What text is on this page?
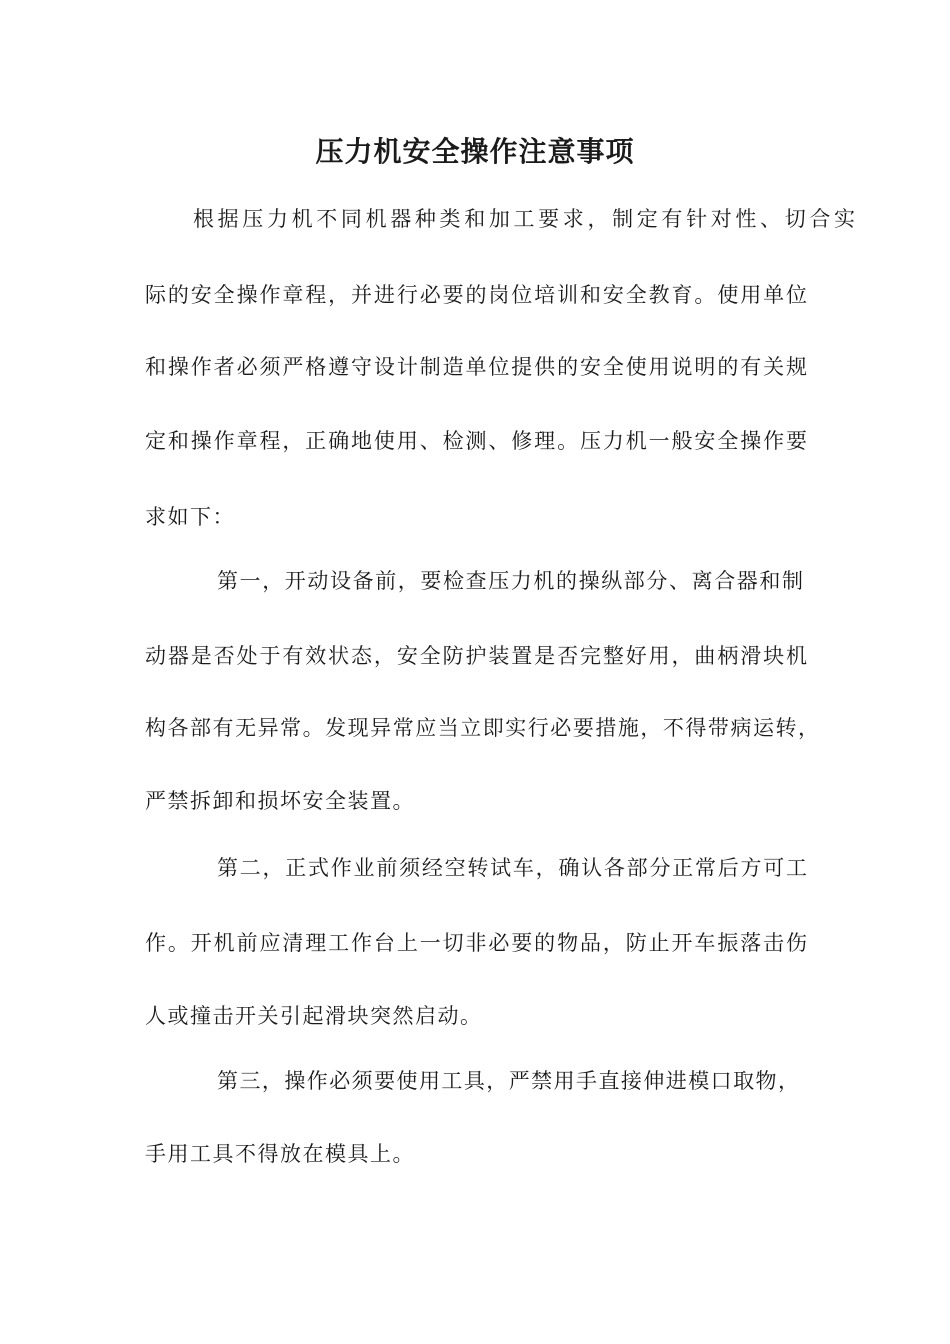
压力机安全操作注意事项
根据压力机不同机器种类和加工要求，制定有针对性、切合实
际的安全操作章程，并进行必要的岗位培训和安全教育。使用单位
和操作者必须严格遵守设计制造单位提供的安全使用说明的有关规
定和操作章程，正确地使用、检测、修理。压力机一般安全操作要
求如下：
第一，开动设备前，要检查压力机的操纵部分、离合器和制
动器是否处于有效状态，安全防护装置是否完整好用，曲柄滑块机
构各部有无异常。发现异常应当立即实行必要措施，不得带病运转，
严禁拆卸和损坏安全装置。
第二，正式作业前须经空转试车，确认各部分正常后方可工
作。开机前应清理工作台上一切非必要的物品，防止开车振落击伤
人或撞击开关引起滑块突然启动。
第三，操作必须要使用工具，严禁用手直接伸进模口取物，
手用工具不得放在模具上。
